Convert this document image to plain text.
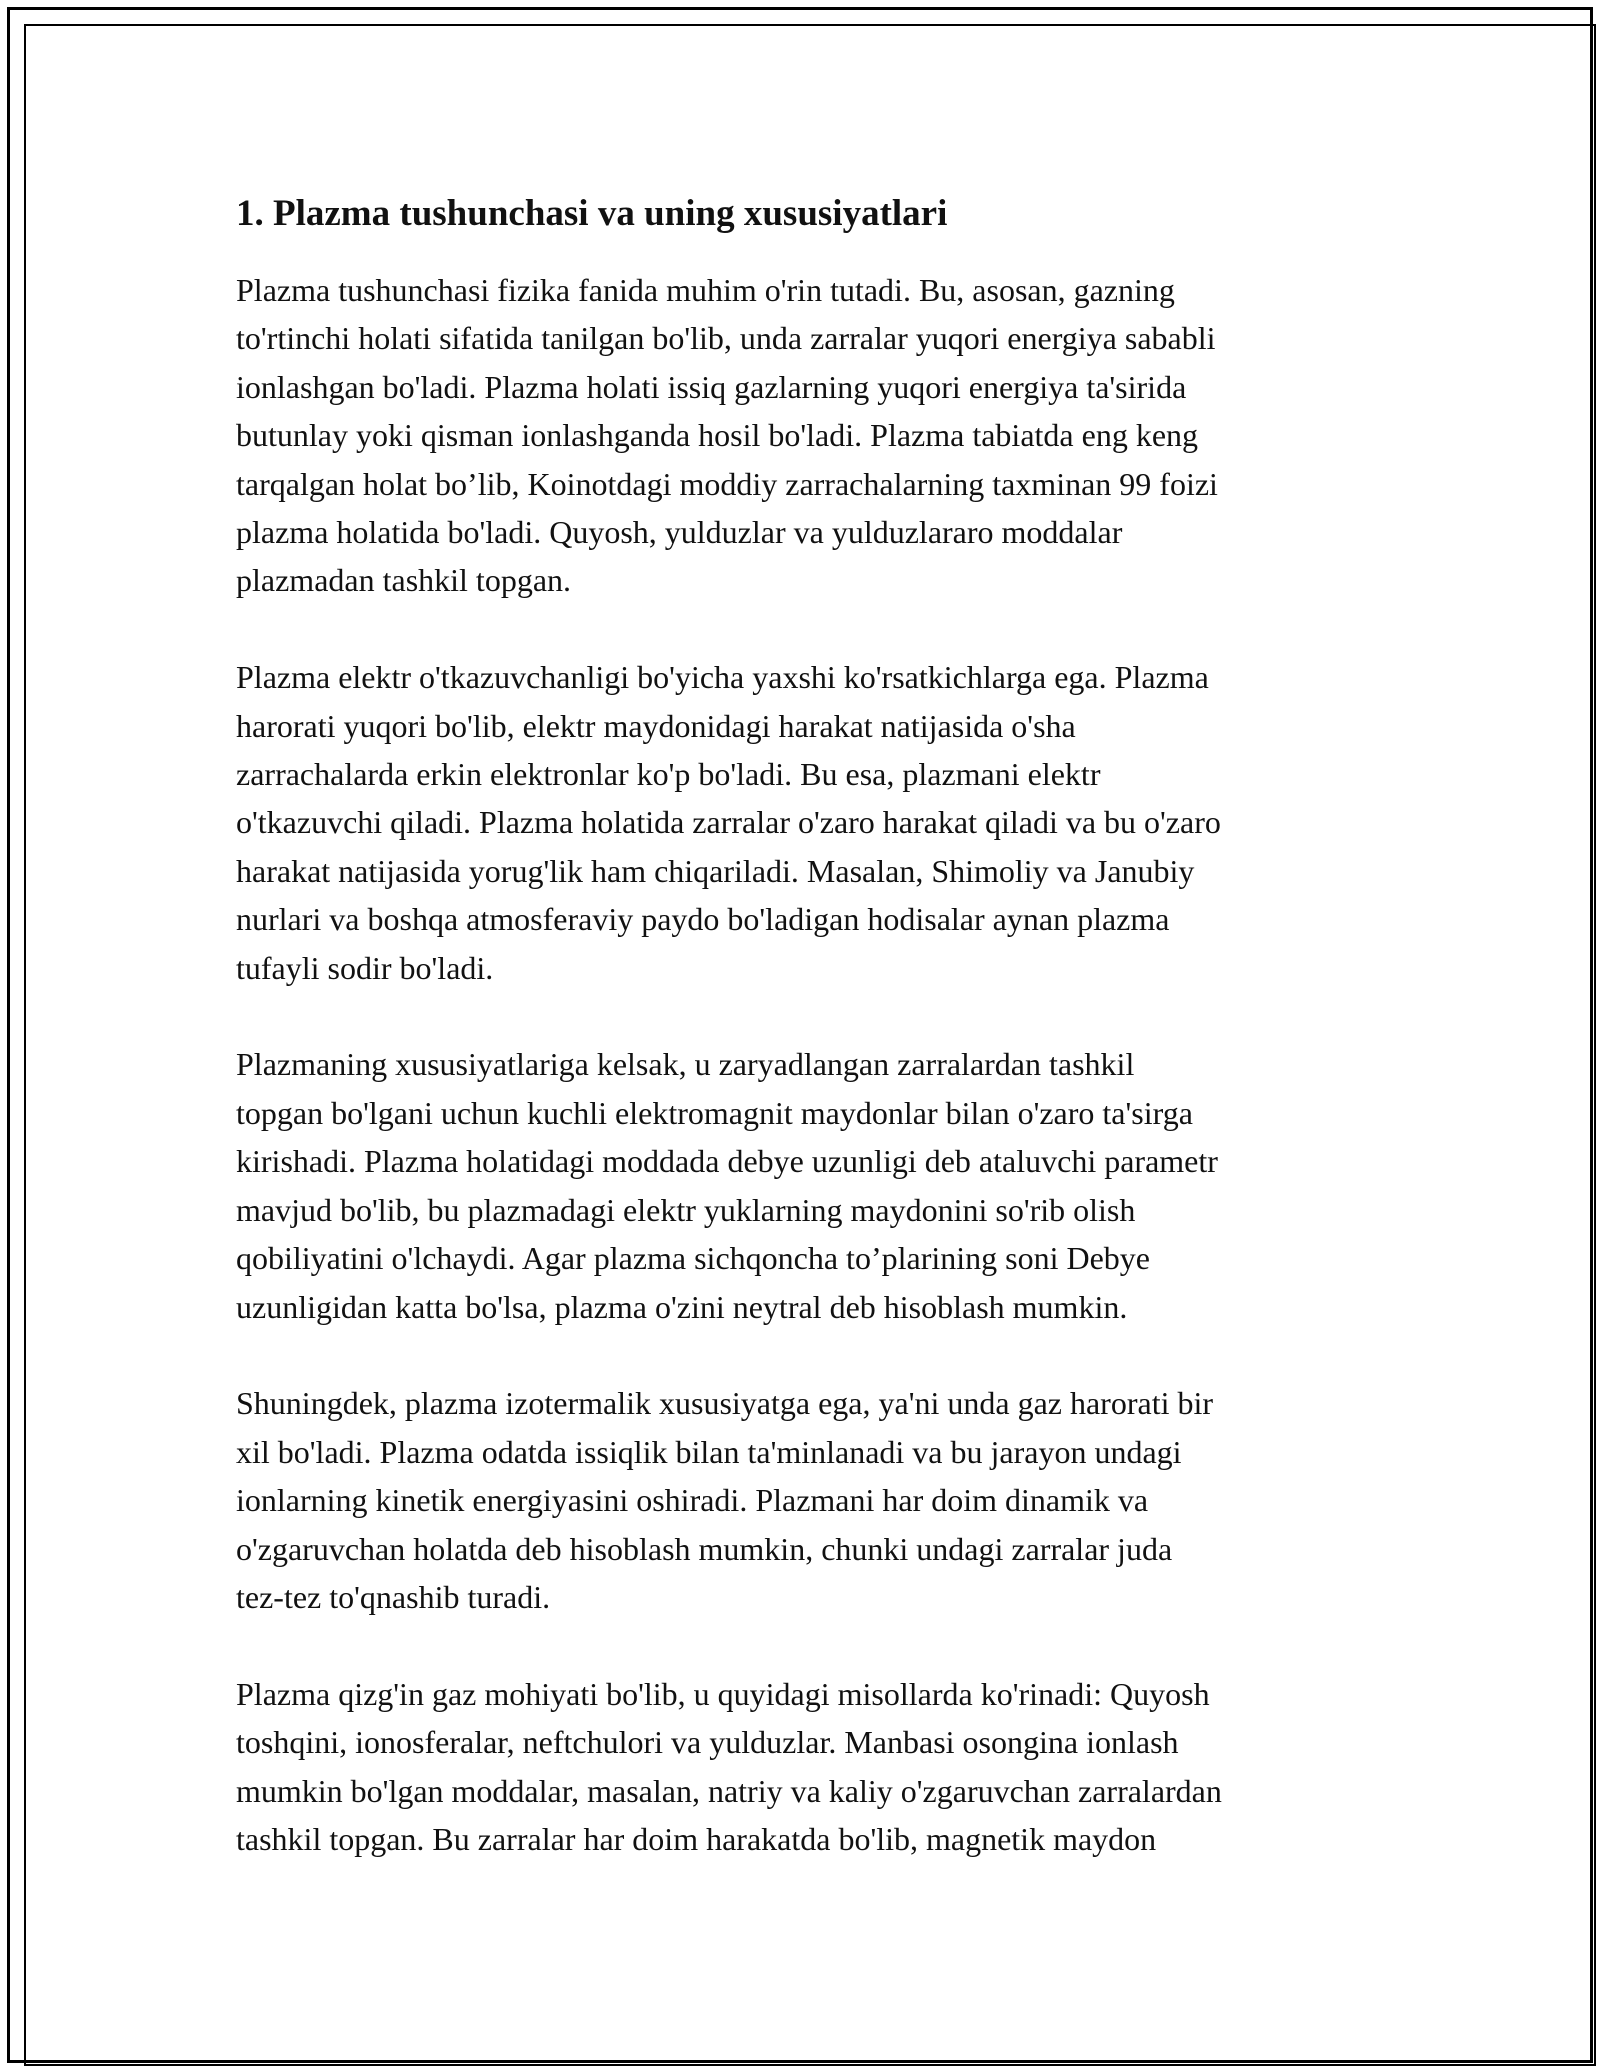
1. Plazma tushunchasi va uning xususiyatlari

Plazma tushunchasi fizika fanida muhim o'rin tutadi. Bu, asosan, gazning
to'rtinchi holati sifatida tanilgan bo'lib, unda zarralar yuqori energiya sababli
ionlashgan bo'ladi. Plazma holati issiq gazlarning yuqori energiya ta'sirida
butunlay yoki qisman ionlashganda hosil bo'ladi. Plazma tabiatda eng keng
tarqalgan holat bo’lib, Koinotdagi moddiy zarrachalarning taxminan 99 foizi
plazma holatida bo'ladi. Quyosh, yulduzlar va yulduzlararo moddalar
plazmadan tashkil topgan.

Plazma elektr o'tkazuvchanligi bo'yicha yaxshi ko'rsatkichlarga ega. Plazma
harorati yuqori bo'lib, elektr maydonidagi harakat natijasida o'sha
zarrachalarda erkin elektronlar ko'p bo'ladi. Bu esa, plazmani elektr
o'tkazuvchi qiladi. Plazma holatida zarralar o'zaro harakat qiladi va bu o'zaro
harakat natijasida yorug'lik ham chiqariladi. Masalan, Shimoliy va Janubiy
nurlari va boshqa atmosferaviy paydo bo'ladigan hodisalar aynan plazma
tufayli sodir bo'ladi.

Plazmaning xususiyatlariga kelsak, u zaryadlangan zarralardan tashkil
topgan bo'lgani uchun kuchli elektromagnit maydonlar bilan o'zaro ta'sirga
kirishadi. Plazma holatidagi moddada debye uzunligi deb ataluvchi parametr
mavjud bo'lib, bu plazmadagi elektr yuklarning maydonini so'rib olish
qobiliyatini o'lchaydi. Agar plazma sichqoncha to’plarining soni Debye
uzunligidan katta bo'lsa, plazma o'zini neytral deb hisoblash mumkin.

Shuningdek, plazma izotermalik xususiyatga ega, ya'ni unda gaz harorati bir
xil bo'ladi. Plazma odatda issiqlik bilan ta'minlanadi va bu jarayon undagi
ionlarning kinetik energiyasini oshiradi. Plazmani har doim dinamik va
o'zgaruvchan holatda deb hisoblash mumkin, chunki undagi zarralar juda
tez-tez to'qnashib turadi.

Plazma qizg'in gaz mohiyati bo'lib, u quyidagi misollarda ko'rinadi: Quyosh
toshqini, ionosferalar, neftchulori va yulduzlar. Manbasi osongina ionlash
mumkin bo'lgan moddalar, masalan, natriy va kaliy o'zgaruvchan zarralardan
tashkil topgan. Bu zarralar har doim harakatda bo'lib, magnetik maydon
